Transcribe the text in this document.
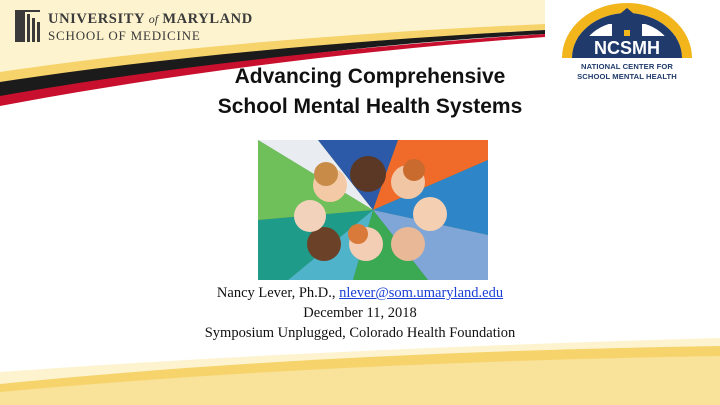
UNIVERSITY of MARYLAND
SCHOOL OF MEDICINE
NCSMH
NATIONAL CENTER FOR
SCHOOL MENTAL HEALTH
Advancing Comprehensive
School Mental Health Systems
Nancy Lever, Ph.D., nlever@som.umaryland.edu
December 11, 2018
Symposium Unplugged, Colorado Health Foundation
